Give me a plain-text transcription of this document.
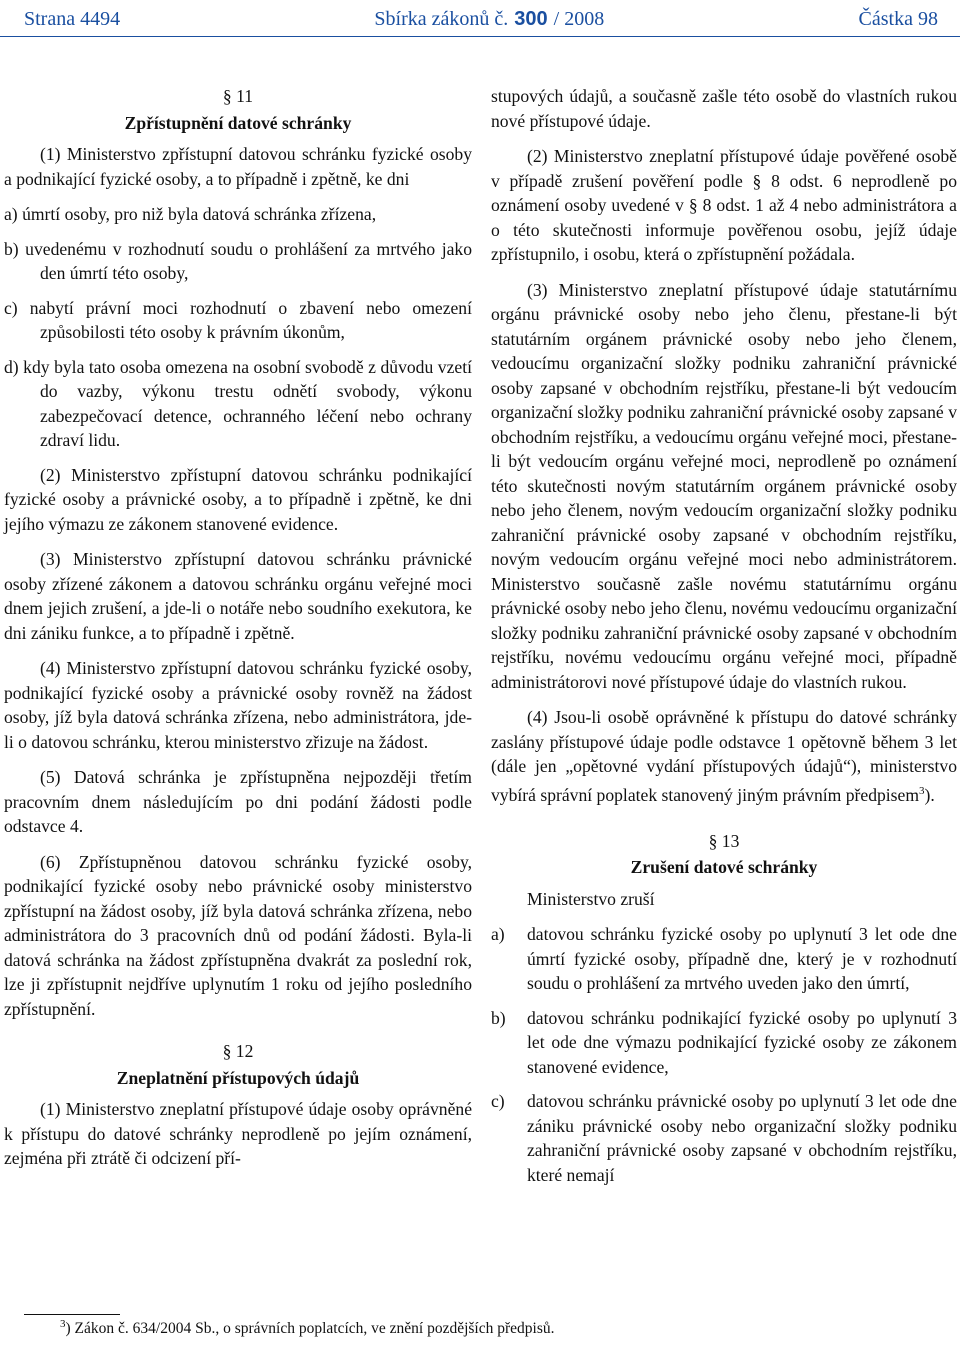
Strana 4494	Sbírka zákonů č. 300 / 2008	Částka 98
§ 11
Zpřístupnění datové schránky

(1) Ministerstvo zpřístupní datovou schránku fyzické osoby a podnikající fyzické osoby, a to případně i zpětně, ke dni

a) úmrtí osoby, pro niž byla datová schránka zřízena,

b) uvedenému v rozhodnutí soudu o prohlášení za mrtvého jako den úmrtí této osoby,

c) nabytí právní moci rozhodnutí o zbavení nebo omezení způsobilosti této osoby k právním úkonům,

d) kdy byla tato osoba omezena na osobní svobodě z důvodu vzetí do vazby, výkonu trestu odnětí svobody, výkonu zabezpečovací detence, ochranného léčení nebo ochrany zdraví lidu.

(2) Ministerstvo zpřístupní datovou schránku podnikající fyzické osoby a právnické osoby, a to případně i zpětně, ke dni jejího výmazu ze zákonem stanovené evidence.

(3) Ministerstvo zpřístupní datovou schránku právnické osoby zřízené zákonem a datovou schránku orgánu veřejné moci dnem jejich zrušení, a jde-li o notáře nebo soudního exekutora, ke dni zániku funkce, a to případně i zpětně.

(4) Ministerstvo zpřístupní datovou schránku fyzické osoby, podnikající fyzické osoby a právnické osoby rovněž na žádost osoby, jíž byla datová schránka zřízena, nebo administrátora, jde-li o datovou schránku, kterou ministerstvo zřizuje na žádost.

(5) Datová schránka je zpřístupněna nejpozději třetím pracovním dnem následujícím po dni podání žádosti podle odstavce 4.

(6) Zpřístupněnou datovou schránku fyzické osoby, podnikající fyzické osoby nebo právnické osoby ministerstvo zpřístupní na žádost osoby, jíž byla datová schránka zřízena, nebo administrátora do 3 pracovních dnů od podání žádosti. Byla-li datová schránka na žádost zpřístupněna dvakrát za poslední rok, lze ji zpřístupnit nejdříve uplynutím 1 roku od jejího posledního zpřístupnění.

§ 12
Zneplatnění přístupových údajů

(1) Ministerstvo zneplatní přístupové údaje osoby oprávněné k přístupu do datové schránky neprodleně po jejím oznámení, zejména při ztrátě či odcizení pří-

stupových údajů, a současně zašle této osobě do vlastních rukou nové přístupové údaje.

(2) Ministerstvo zneplatní přístupové údaje pověřené osobě v případě zrušení pověření podle § 8 odst. 6 neprodleně po oznámení osoby uvedené v § 8 odst. 1 až 4 nebo administrátora a o této skutečnosti informuje pověřenou osobu, jejíž údaje zpřístupnilo, i osobu, která o zpřístupnění požádala.

(3) Ministerstvo zneplatní přístupové údaje statutárnímu orgánu právnické osoby nebo jeho členu, přestane-li být statutárním orgánem právnické osoby nebo jeho členem, vedoucímu organizační složky podniku zahraniční právnické osoby zapsané v obchodním rejstříku, přestane-li být vedoucím organizační složky podniku zahraniční právnické osoby zapsané v obchodním rejstříku, a vedoucímu orgánu veřejné moci, přestane-li být vedoucím orgánu veřejné moci, neprodleně po oznámení této skutečnosti novým statutárním orgánem právnické osoby nebo jeho členem, novým vedoucím organizační složky podniku zahraniční právnické osoby zapsané v obchodním rejstříku, novým vedoucím orgánu veřejné moci nebo administrátorem. Ministerstvo současně zašle novému statutárnímu orgánu právnické osoby nebo jeho členu, novému vedoucímu organizační složky podniku zahraniční právnické osoby zapsané v obchodním rejstříku, novému vedoucímu orgánu veřejné moci, případně administrátorovi nové přístupové údaje do vlastních rukou.

(4) Jsou-li osobě oprávněné k přístupu do datové schránky zaslány přístupové údaje podle odstavce 1 opětovně během 3 let (dále jen „opětovné vydání přístupových údajů“), ministerstvo vybírá správní poplatek stanovený jiným právním předpisem$^3$).

§ 13
Zrušení datové schránky

Ministerstvo zruší

a)	datovou schránku fyzické osoby po uplynutí 3 let ode dne úmrtí fyzické osoby, případně dne, který je v rozhodnutí soudu o prohlášení za mrtvého uveden jako den úmrtí,
b)	datovou schránku podnikající fyzické osoby po uplynutí 3 let ode dne výmazu podnikající fyzické osoby ze zákonem stanovené evidence,
c)	datovou schránku právnické osoby po uplynutí 3 let ode dne zániku právnické osoby nebo organizační složky podniku zahraniční právnické osoby zapsané v obchodním rejstříku, které nemají
$^3$) Zákon č. 634/2004 Sb., o správních poplatcích, ve znění pozdějších předpisů.
